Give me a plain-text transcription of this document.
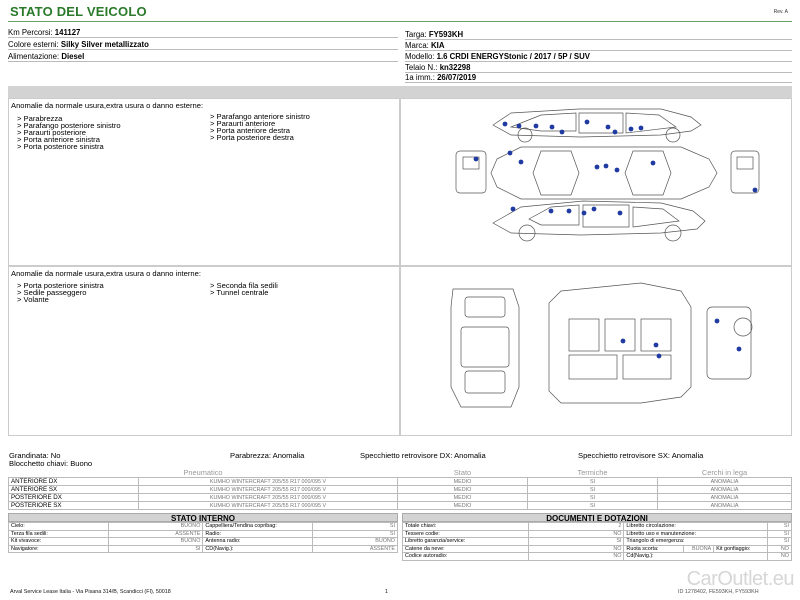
STATO DEL VEICOLO	Rev. A
Km Percorsi: 141127
Colore esterni: Silky Silver metallizzato
Alimentazione: Diesel
Targa: FY593KH
Marca: KIA
Modello: 1.6 CRDI ENERGYStonic / 2017 / 5P / SUV
Telaio N.: kn32298
1a imm.: 26/07/2019
Anomalie da normale usura,extra usura o danno esterne:
> Parabrezza
> Parafango posteriore sinistro
> Paraurti posteriore
> Porta anteriore sinistra
> Porta posteriore sinistra
> Parafango anteriore sinistro
> Paraurti anteriore
> Porta anteriore destra
> Porta posteriore destra
Anomalie da normale usura,extra usura o danno interne:
> Porta posteriore sinistra
> Sedile passeggero
> Volante
> Seconda fila sedili
> Tunnel centrale
Grandinata: No	Parabrezza: Anomalia	Specchietto retrovisore DX: Anomalia	Specchietto retrovisore SX: Anomalia
Blocchetto chiavi: Buono
Pneumatico		Stato	Termiche	Cerchi in lega
ANTERIORE DX	KUMHO WINTERCRAFT 205/55 R17 000/095 V	MEDIO	SI	ANOMALIA
ANTERIORE SX	KUMHO WINTERCRAFT 205/55 R17 000/095 V	MEDIO	SI	ANOMALIA
POSTERIORE DX	KUMHO WINTERCRAFT 205/55 R17 000/095 V	MEDIO	SI	ANOMALIA
POSTERIORE SX	KUMHO WINTERCRAFT 205/55 R17 000/095 V	MEDIO	SI	ANOMALIA
STATO INTERNO
Cielo:	BUONO	Cappelliera/Tendina copribag:	SI
Terza fila sedili:	ASSENTE	Radio:	SI
Kit vivavoce:	BUONO	Antenna radio:	BUONO
Navigatore:	SI	CD(Navig.):	ASSENTE
DOCUMENTI E DOTAZIONI
Totale chiavi:	2	Libretto circolazione:			SI
Tessere codie:	NO	Libretto uso e manutenzione:			SI
Libretto garanzia/service:	SI	Triangolo di emergenza:			SI
Catene da neve:	NO	Ruota scorta:	BUONA	Kit gonfiaggio:	NO
Codice autoradio:	NO	Cd(Navig.):			NO
Arval Service Lease Italia - Via Pisana 314/B, Scandicci (FI), 50018	1	ID 1278402, FE593KH, FY593KH
CarOutlet.eu
